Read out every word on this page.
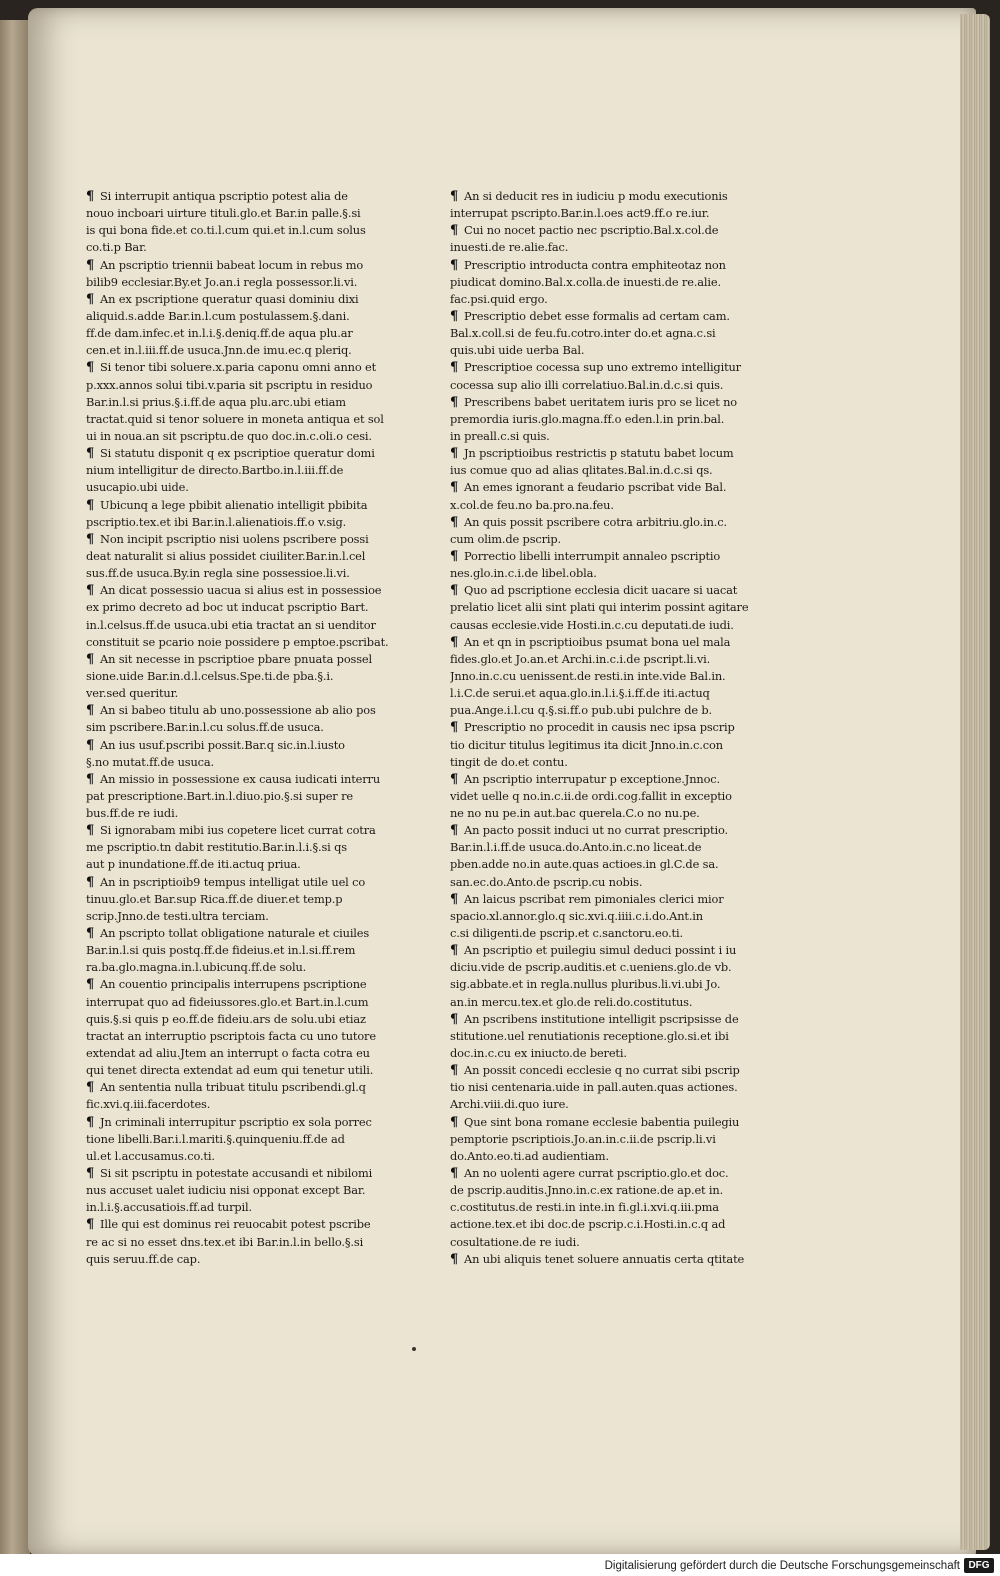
¶ Si interrupit antiqua pscriptio potest alia de
nouo incboari uirture tituli.glo.et Bar.in palle.§.si
is qui bona fide.et co.ti.l.cum qui.et in.l.cum solus
co.ti.p Bar.
¶ An pscriptio triennii babeat locum in rebus mo
bilib9 ecclesiar.By.et Jo.an.i regla possessor.li.vi.
¶ An ex pscriptione queratur quasi dominiu dixi
aliquid.s.adde Bar.in.l.cum postulassem.§.dani.
ff.de dam.infec.et in.l.i.§.deniq.ff.de aqua plu.ar
cen.et in.l.iii.ff.de usuca.Jnn.de imu.ec.q pleriq.
¶ Si tenor tibi soluere.x.paria caponu omni anno et
p.xxx.annos solui tibi.v.paria sit pscriptu in residuo
Bar.in.l.si prius.§.i.ff.de aqua plu.arc.ubi etiam
tractat.quid si tenor soluere in moneta antiqua et sol
ui in noua.an sit pscriptu.de quo doc.in.c.oli.o cesi.
¶ Si statutu disponit q ex pscriptioe queratur domi
nium intelligitur de directo.Bartbo.in.l.iii.ff.de
usucapio.ubi uide.
¶ Ubicunq a lege pbibit alienatio intelligit pbibita
pscriptio.tex.et ibi Bar.in.l.alienatiois.ff.o v.sig.
¶ Non incipit pscriptio nisi uolens pscribere possi
deat naturalit si alius possidet ciuiliter.Bar.in.l.cel
sus.ff.de usuca.By.in regla sine possessioe.li.vi.
¶ An dicat possessio uacua si alius est in possessioe
ex primo decreto ad boc ut inducat pscriptio Bart.
in.l.celsus.ff.de usuca.ubi etia tractat an si uenditor
constituit se pcario noie possidere p emptoe.pscribat.
¶ An sit necesse in pscriptioe pbare pnuata possel
sione.uide Bar.in.d.l.celsus.Spe.ti.de pba.§.i.
ver.sed queritur.
¶ An si babeo titulu ab uno.possessione ab alio pos
sim pscribere.Bar.in.l.cu solus.ff.de usuca.
¶ An ius usuf.pscribi possit.Bar.q sic.in.l.iusto
§.no mutat.ff.de usuca.
¶ An missio in possessione ex causa iudicati interru
pat prescriptione.Bart.in.l.diuo.pio.§.si super re
bus.ff.de re iudi.
¶ Si ignorabam mibi ius copetere licet currat cotra
me pscriptio.tn dabit restitutio.Bar.in.l.i.§.si qs
aut p inundatione.ff.de iti.actuq priua.
¶ An in pscriptioib9 tempus intelligat utile uel co
tinuu.glo.et Bar.sup Rica.ff.de diuer.et temp.p
scrip.Jnno.de testi.ultra terciam.
¶ An pscripto tollat obligatione naturale et ciuiles
Bar.in.l.si quis postq.ff.de fideius.et in.l.si.ff.rem
ra.ba.glo.magna.in.l.ubicunq.ff.de solu.
¶ An couentio principalis interrupens pscriptione
interrupat quo ad fideiussores.glo.et Bart.in.l.cum
quis.§.si quis p eo.ff.de fideiu.ars de solu.ubi etiaz
tractat an interruptio pscriptois facta cu uno tutore
extendat ad aliu.Jtem an interrupt o facta cotra eu
qui tenet directa extendat ad eum qui tenetur utili.
¶ An sententia nulla tribuat titulu pscribendi.gl.q
fic.xvi.q.iii.facerdotes.
¶ Jn criminali interrupitur pscriptio ex sola porrec
tione libelli.Bar.i.l.mariti.§.quinqueniu.ff.de ad
ul.et l.accusamus.co.ti.
¶ Si sit pscriptu in potestate accusandi et nibilomi
nus accuset ualet iudiciu nisi opponat except Bar.
in.l.i.§.accusatiois.ff.ad turpil.
¶ Ille qui est dominus rei reuocabit potest pscribe
re ac si no esset dns.tex.et ibi Bar.in.l.in bello.§.si
quis seruu.ff.de cap.
¶ An si deducit res in iudiciu p modu executionis
interrupat pscripto.Bar.in.l.oes act9.ff.o re.iur.
¶ Cui no nocet pactio nec pscriptio.Bal.x.col.de
inuesti.de re.alie.fac.
¶ Prescriptio introducta contra emphiteotaz non
piudicat domino.Bal.x.colla.de inuesti.de re.alie.
fac.psi.quid ergo.
¶ Prescriptio debet esse formalis ad certam cam.
Bal.x.coll.si de feu.fu.cotro.inter do.et agna.c.si
quis.ubi uide uerba Bal.
¶ Prescriptioe cocessa sup uno extremo intelligitur
cocessa sup alio illi correlatiuo.Bal.in.d.c.si quis.
¶ Prescribens babet ueritatem iuris pro se licet no
premordia iuris.glo.magna.ff.o eden.l.in prin.bal.
in preall.c.si quis.
¶ Jn pscriptioibus restrictis p statutu babet locum
ius comue quo ad alias qlitates.Bal.in.d.c.si qs.
¶ An emes ignorant a feudario pscribat vide Bal.
x.col.de feu.no ba.pro.na.feu.
¶ An quis possit pscribere cotra arbitriu.glo.in.c.
cum olim.de pscrip.
¶ Porrectio libelli interrumpit annaleo pscriptio
nes.glo.in.c.i.de libel.obla.
¶ Quo ad pscriptione ecclesia dicit uacare si uacat
prelatio licet alii sint plati qui interim possint agitare
causas ecclesie.vide Hosti.in.c.cu deputati.de iudi.
¶ An et qn in pscriptioibus psumat bona uel mala
fides.glo.et Jo.an.et Archi.in.c.i.de pscript.li.vi.
Jnno.in.c.cu uenissent.de resti.in inte.vide Bal.in.
l.i.C.de serui.et aqua.glo.in.l.i.§.i.ff.de iti.actuq
pua.Ange.i.l.cu q.§.si.ff.o pub.ubi pulchre de b.
¶ Prescriptio no procedit in causis nec ipsa pscrip
tio dicitur titulus legitimus ita dicit Jnno.in.c.con
tingit de do.et contu.
¶ An pscriptio interrupatur p exceptione.Jnnoc.
videt uelle q no.in.c.ii.de ordi.cog.fallit in exceptio
ne no nu pe.in aut.bac querela.C.o no nu.pe.
¶ An pacto possit induci ut no currat prescriptio.
Bar.in.l.i.ff.de usuca.do.Anto.in.c.no liceat.de
pben.adde no.in aute.quas actioes.in gl.C.de sa.
san.ec.do.Anto.de pscrip.cu nobis.
¶ An laicus pscribat rem pimoniales clerici mior
spacio.xl.annor.glo.q sic.xvi.q.iiii.c.i.do.Ant.in
c.si diligenti.de pscrip.et c.sanctoru.eo.ti.
¶ An pscriptio et puilegiu simul deduci possint i iu
diciu.vide de pscrip.auditis.et c.ueniens.glo.de vb.
sig.abbate.et in regla.nullus pluribus.li.vi.ubi Jo.
an.in mercu.tex.et glo.de reli.do.costitutus.
¶ An pscribens institutione intelligit pscripsisse de
stitutione.uel renutiationis receptione.glo.si.et ibi
doc.in.c.cu ex iniucto.de bereti.
¶ An possit concedi ecclesie q no currat sibi pscrip
tio nisi centenaria.uide in pall.auten.quas actiones.
Archi.viii.di.quo iure.
¶ Que sint bona romane ecclesie babentia puilegiu
pemptorie pscriptiois.Jo.an.in.c.ii.de pscrip.li.vi
do.Anto.eo.ti.ad audientiam.
¶ An no uolenti agere currat pscriptio.glo.et doc.
de pscrip.auditis.Jnno.in.c.ex ratione.de ap.et in.
c.costitutus.de resti.in inte.in fi.gl.i.xvi.q.iii.pma
actione.tex.et ibi doc.de pscrip.c.i.Hosti.in.c.q ad
cosultatione.de re iudi.
¶ An ubi aliquis tenet soluere annuatis certa qtitate
Digitalisierung gefördert durch die Deutsche Forschungsgemeinschaft DFG
